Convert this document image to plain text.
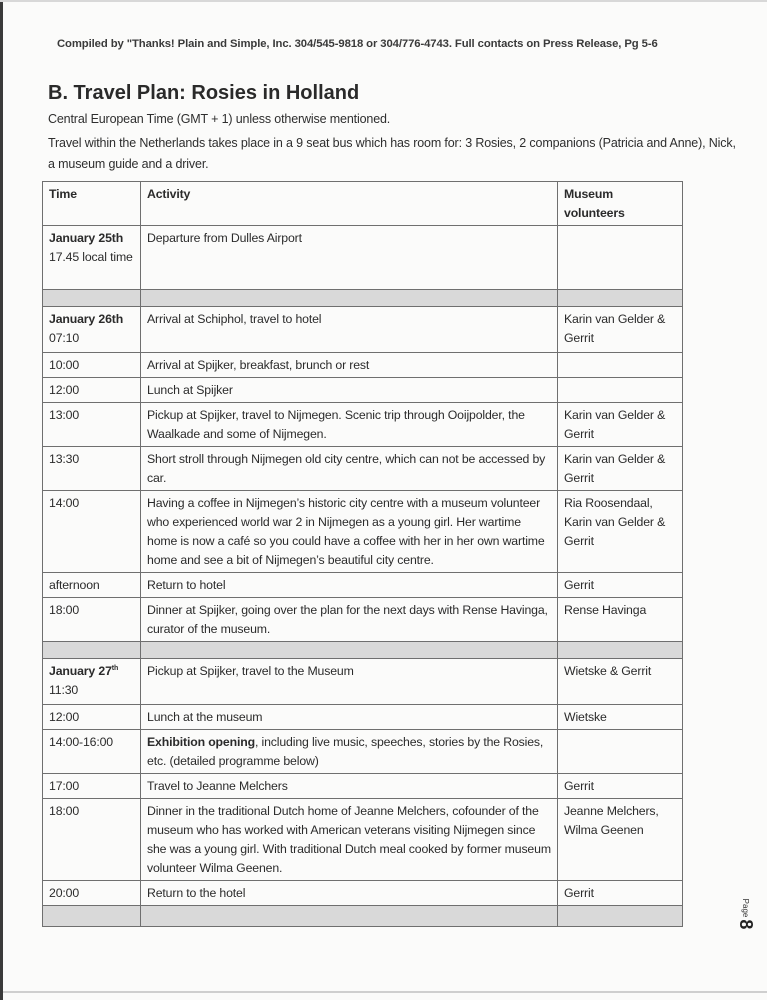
Compiled by "Thanks! Plain and Simple, Inc. 304/545-9818 or 304/776-4743. Full contacts on Press Release, Pg 5-6
B. Travel Plan: Rosies in Holland
Central European Time (GMT + 1) unless otherwise mentioned.
Travel within the Netherlands takes place in a 9 seat bus which has room for: 3 Rosies, 2 companions (Patricia and Anne), Nick, a museum guide and a driver.
Time	Activity	Museum
volunteers
January 25th
17.45 local time	Departure from Dulles Airport	

January 26th
07:10	Arrival at Schiphol, travel to hotel	Karin van Gelder & Gerrit
10:00	Arrival at Spijker, breakfast, brunch or rest	
12:00	Lunch at Spijker	
13:00	Pickup at Spijker, travel to Nijmegen. Scenic trip through Ooijpolder, the Waalkade and some of Nijmegen.	Karin van Gelder & Gerrit
13:30	Short stroll through Nijmegen old city centre, which can not be accessed by car.	Karin van Gelder & Gerrit
14:00	Having a coffee in Nijmegen’s historic city centre with a museum volunteer who experienced world war 2 in Nijmegen as a young girl. Her wartime home is now a café so you could have a coffee with her in her own wartime home and see a bit of Nijmegen’s beautiful city centre.	Ria Roosendaal, Karin van Gelder & Gerrit
afternoon	Return to hotel	Gerrit
18:00	Dinner at Spijker, going over the plan for the next days with Rense Havinga, curator of the museum.	Rense Havinga

January 27th
11:30	Pickup at Spijker, travel to the Museum	Wietske & Gerrit
12:00	Lunch at the museum	Wietske
14:00-16:00	Exhibition opening, including live music, speeches, stories by the Rosies, etc. (detailed programme below)	
17:00	Travel to Jeanne Melchers	Gerrit
18:00	Dinner in the traditional Dutch home of Jeanne Melchers, cofounder of the museum who has worked with American veterans visiting Nijmegen since she was a young girl. With traditional Dutch meal cooked by former museum volunteer Wilma Geenen.	Jeanne Melchers, Wilma Geenen
20:00	Return to the hotel	Gerrit

Page
8
